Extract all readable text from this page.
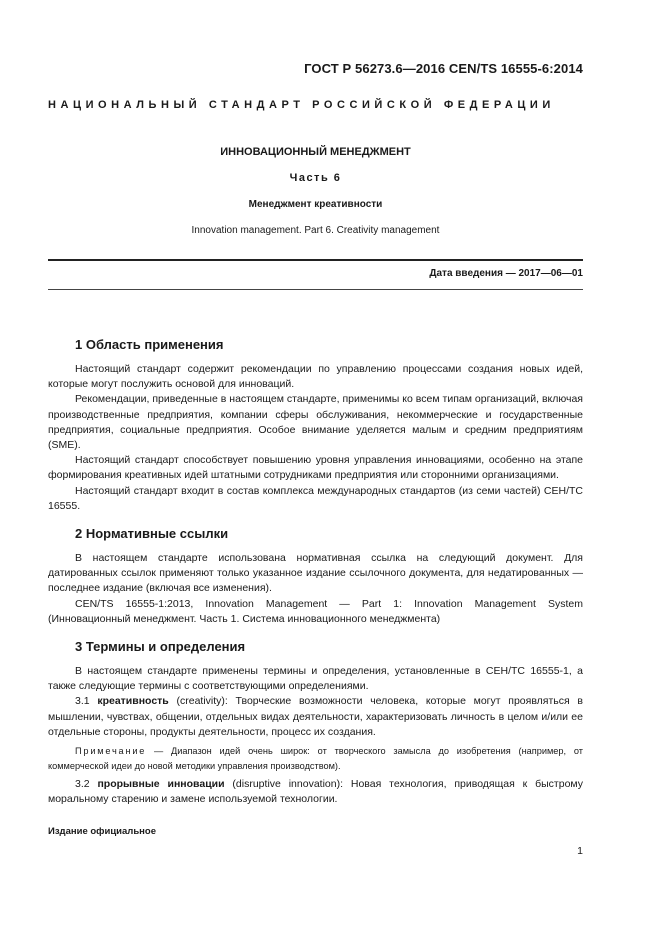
ГОСТ Р 56273.6—2016 CEN/TS 16555-6:2014
НАЦИОНАЛЬНЫЙ СТАНДАРТ РОССИЙСКОЙ ФЕДЕРАЦИИ
ИННОВАЦИОННЫЙ МЕНЕДЖМЕНТ
Часть 6
Менеджмент креативности
Innovation management. Part 6. Creativity management
Дата введения — 2017—06—01
1 Область применения

Настоящий стандарт содержит рекомендации по управлению процессами создания новых идей, которые могут послужить основой для инноваций.

Рекомендации, приведенные в настоящем стандарте, применимы ко всем типам организаций, включая производственные предприятия, компании сферы обслуживания, некоммерческие и государственные предприятия, социальные предприятия. Особое внимание уделяется малым и средним предприятиям (SME).

Настоящий стандарт способствует повышению уровня управления инновациями, особенно на этапе формирования креативных идей штатными сотрудниками предприятия или сторонними организациями.

Настоящий стандарт входит в состав комплекса международных стандартов (из семи частей) CEH/TC 16555.

2 Нормативные ссылки

В настоящем стандарте использована нормативная ссылка на следующий документ. Для датированных ссылок применяют только указанное издание ссылочного документа, для недатированных — последнее издание (включая все изменения).

CEN/TS 16555-1:2013, Innovation Management — Part 1: Innovation Management System (Инновационный менеджмент. Часть 1. Система инновационного менеджмента)

3 Термины и определения

В настоящем стандарте применены термины и определения, установленные в CEH/TC 16555-1, а также следующие термины с соответствующими определениями.

3.1 креативность (creativity): Творческие возможности человека, которые могут проявляться в мышлении, чувствах, общении, отдельных видах деятельности, характеризовать личность в целом и/или ее отдельные стороны, продукты деятельности, процесс их создания.

Примечание — Диапазон идей очень широк: от творческого замысла до изобретения (например, от коммерческой идеи до новой методики управления производством).

3.2 прорывные инновации (disruptive innovation): Новая технология, приводящая к быстрому моральному старению и замене используемой технологии.

Издание официальное
1
